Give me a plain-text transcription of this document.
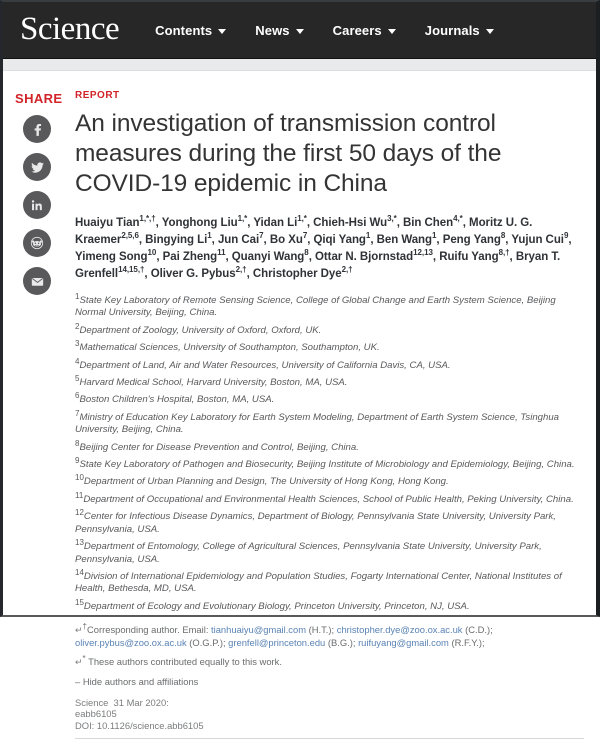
Science	Contents	News	Careers	Journals
SHARE	REPORT
An investigation of transmission control measures during the first 50 days of the COVID-19 epidemic in China
Huaiyu Tian$^{1,*,\dagger}$, Yonghong Liu$^{1,*}$, Yidan $Li^{1,*}$, Chieh-Hsi $Wu^{3,*}$, Bin Chen$^{4,*}$, Moritz U. G. Kraemer$^{2,5,6}$, Bingying Li$^1$, Jun Cai$^7$, Bo Xu$^7$, Qiqi Yang$^1$, Ben Wang$^1$, Peng Yang$^8$, Yujun Cui$^9$, Yimeng Song$^{10}$, Pai Zheng$^{11}$, Quanyi Wang$^8$, Ottar N. Bjornstad$^{12,13}$, Ruifu Yang$^{8,\dagger}$, Bryan T. Grenfell$^{14,15,\dagger}$, Oliver G. Pybus$^{2,\dagger}$, Christopher Dye$^{2,\dagger}$
$^1$State Key Laboratory of Remote Sensing Science, College of Global Change and Earth System Science, Beijing Normal University, Beijing, China.
$^2$Department of Zoology, University of Oxford, Oxford, UK.
$^3$Mathematical Sciences, University of Southampton, Southampton, UK.
$^4$Department of Land, Air and Water Resources, University of California Davis, CA, USA.
$^5$Harvard Medical School, Harvard University, Boston, MA, USA.
$^6$Boston Children's Hospital, Boston, MA, USA.
$^7$Ministry of Education Key Laboratory for Earth System Modeling, Department of Earth System Science, Tsinghua University, Beijing, China.
$^8$Beijing Center for Disease Prevention and Control, Beijing, China.
$^9$State Key Laboratory of Pathogen and Biosecurity, Beijing Institute of Microbiology and Epidemiology, Beijing, China.
$^{10}$Department of Urban Planning and Design, The University of Hong Kong, Hong Kong.
$^{11}$Department of Occupational and Environmental Health Sciences, School of Public Health, Peking University, China.
$^{12}$Center for Infectious Disease Dynamics, Department of Biology, Pennsylvania State University, University Park, Pennsylvania, USA.
$^{13}$Department of Entomology, College of Agricultural Sciences, Pennsylvania State University, University Park, Pennsylvania, USA.
$^{14}$Division of International Epidemiology and Population Studies, Fogarty International Center, National Institutes of Health, Bethesda, MD, USA.
$^{15}$Department of Ecology and Evolutionary Biology, Princeton University, Princeton, NJ, USA.
↵†Corresponding author. Email: tianhuaiyu@gmail.com (H.T.); christopher.dye@zoo.ox.ac.uk (C.D.); oliver.pybus@zoo.ox.ac.uk (O.G.P.); grenfell@princeton.edu (B.G.); ruifuyang@gmail.com (R.F.Y.);
↵* These authors contributed equally to this work.
– Hide authors and affiliations
Science  31 Mar 2020:
eabb6105
DOI: 10.1126/science.abb6105
